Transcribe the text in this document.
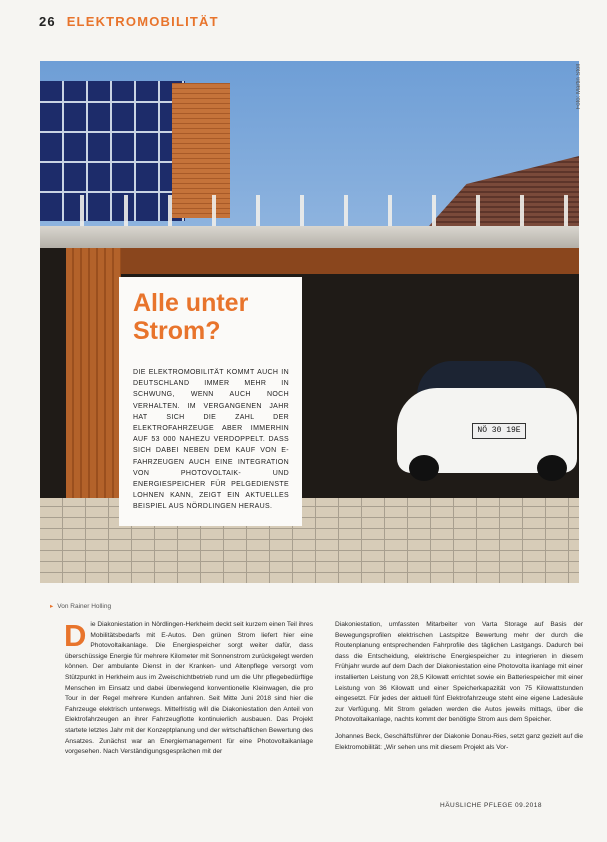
26 ELEKTROMOBILITÄT
NÖ 30 19E
Foto: Martin Stoll
Alle unter Strom?

DIE ELEKTROMOBILITÄT KOMMT AUCH IN DEUTSCHLAND IMMER MEHR IN SCHWUNG, WENN AUCH NOCH VERHALTEN. IM VERGANGENEN JAHR HAT SICH DIE ZAHL DER ELEKTROFAHRZEUGE ABER IMMERHIN AUF 53 000 NAHEZU VERDOPPELT. DASS SICH DABEI NEBEN DEM KAUF VON E-FAHRZEUGEN AUCH EINE INTEGRATION VON PHOTOVOLTAIK- UND ENERGIESPEICHER FÜR PELGEDIENSTE LOHNEN KANN, ZEIGT EIN AKTUELLES BEISPIEL AUS NÖRDLINGEN HERAUS.

▸ Von Rainer Holling

Die Diakoniestation in Nördlingen-Herkheim deckt seit kurzem einen Teil ihres Mobilitätsbedarfs mit E-Autos. Den grünen Strom liefert hier eine Photovoltaikanlage. Die Energiespeicher sorgt weiter dafür, dass überschüssige Energie für mehrere Kilometer mit Sonnenstrom zurückgelegt werden können. Der ambulante Dienst in der Kranken- und Altenpflege versorgt vom Stützpunkt in Herkheim aus im Zweischichtbetrieb rund um die Uhr pflegebedürftige Menschen im Einsatz und dabei überwiegend konventionelle Kleinwagen, die pro Tour in der Regel mehrere Kunden anfahren. Seit Mitte Juni 2018 sind hier die Fahrzeuge elektrisch unterwegs. Mittelfristig will die Diakoniestation den Anteil von Elektrofahrzeugen an ihrer Fahrzeugflotte kontinuierlich ausbauen. Das Projekt startete letztes Jahr mit der Konzeptplanung und der wirtschaftlichen Bewertung des Ansatzes. Zunächst war an Energiemanagement für eine Photovoltaikanlage vorgesehen. Nach Verständigungsgesprächen mit der

Diakoniestation, umfassten Mitarbeiter von Varta Storage auf Basis der Bewegungsprofilen elektrischen Lastspitze Bewertung mehr der durch die Routenplanung entsprechenden Fahrprofile des täglichen Lastgangs. Dadurch bei dass die Entscheidung, elektrische Energiespeicher zu integrieren in diesem Frühjahr wurde auf dem Dach der Diakoniestation eine Photovolta ikanlage mit einer installierten Leistung von 28,5 Kilowatt errichtet sowie ein Batteriespeicher mit einer Leistung von 36 Kilowatt und einer Speicherkapazität von 75 Kilowattstunden eingesetzt. Für jedes der aktuell fünf Elektrofahrzeuge steht eine eigene Ladesäule zur Verfügung. Mit Strom geladen werden die Autos jeweils mittags, über die Photovoltaikanlage, nachts kommt der benötigte Strom aus dem Speicher.

Johannes Beck, Geschäftsführer der Diakonie Donau-Ries, setzt ganz gezielt auf die Elektromobilität: „Wir sehen uns mit diesem Projekt als Vor-

HÄUSLICHE PFLEGE 09.2018
